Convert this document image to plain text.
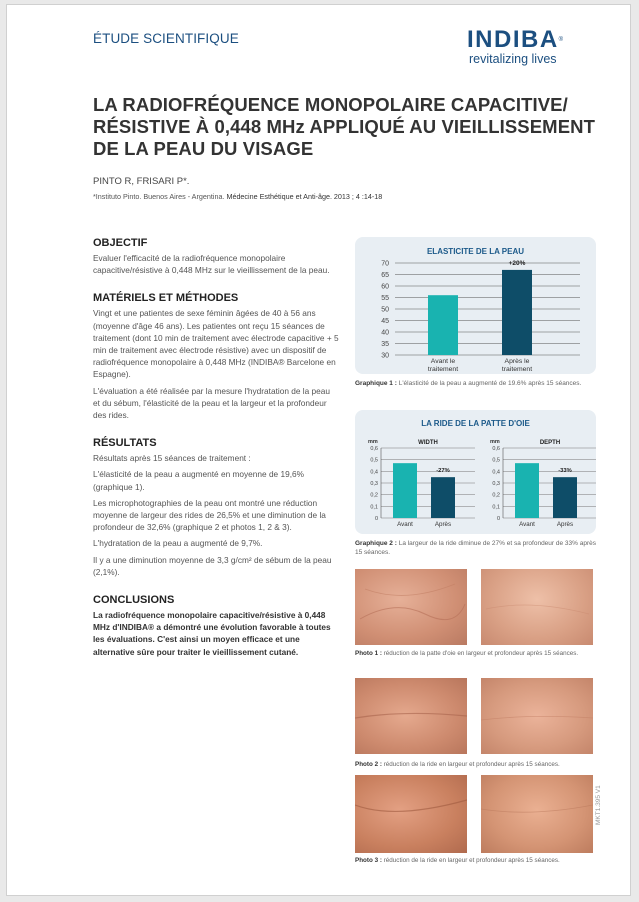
ÉTUDE SCIENTIFIQUE	INDIBA®
revitalizing lives
LA RADIOFRÉQUENCE MONOPOLAIRE CAPACITIVE/ RÉSISTIVE À 0,448 MHz APPLIQUÉ AU VIEILLISSEMENT DE LA PEAU DU VISAGE
PINTO R, FRISARI P*.
*Instituto Pinto. Buenos Aires - Argentina. Médecine Esthétique et Anti-âge. 2013 ; 4 :14-18
OBJECTIF

Evaluer l'efficacité de la radiofréquence monopolaire capacitive/résistive à 0,448 MHz sur le vieillissement de la peau.

MATÉRIELS ET MÉTHODES

Vingt et une patientes de sexe féminin âgées de 40 à 56 ans (moyenne d'âge 46 ans). Les patientes ont reçu 15 séances de traitement (dont 10 min de traitement avec électrode capacitive + 5 min de traitement avec électrode résistive) avec un dispositif de radiofréquence monopolaire à 0,448 MHz (INDIBA® Barcelone en Espagne).

L'évaluation a été réalisée par la mesure l'hydratation de la peau et du sébum, l'élasticité de la peau et la largeur et la profondeur des rides.

RÉSULTATS

Résultats après 15 séances de traitement :

L'élasticité de la peau a augmenté en moyenne de 19,6% (graphique 1).

Les microphotographies de la peau ont montré une réduction moyenne de largeur des rides de 26,5% et une diminution de la profondeur de 32,6% (graphique 2 et photos 1, 2 & 3).

L'hydratation de la peau a augmenté de 9,7%.

Il y a une diminution moyenne de 3,3 g/cm² de sébum de la peau (2,1%).

CONCLUSIONS

La radiofréquence monopolaire capacitive/résistive à 0,448 MHz d'INDIBA® a démontré une évolution favorable à toutes les évaluations. C'est ainsi un moyen efficace et une alternative sûre pour traiter le vieillissement cutané.

ELASTICITE DE LA PEAU
30
35
40
45
50
55
60
65
70	+20%
Avant le
traitement
Après le
traitement
Graphique 1 : L'élasticité de la peau a augmenté de 19.6% après 15 séances.
LA RIDE DE LA PATTE D'OIE
mm	WIDTH
0
0,1
0,2
0,3
0,4
0,5
0,6
-27%
Avant	Après
mm	DEPTH
0
0,1
0,2
0,3
0,4
0,5
0,6
-33%
Avant	Après
Graphique 2 : La largeur de la ride diminue de 27% et sa profondeur de 33% après 15 séances.
Photo 1 : réduction de la patte d'oie en largeur et profondeur après 15 séances.
Photo 2 : réduction de la ride en largeur et profondeur après 15 séances.
Photo 3 : réduction de la ride en largeur et profondeur après 15 séances.
MKT1.395 V1
